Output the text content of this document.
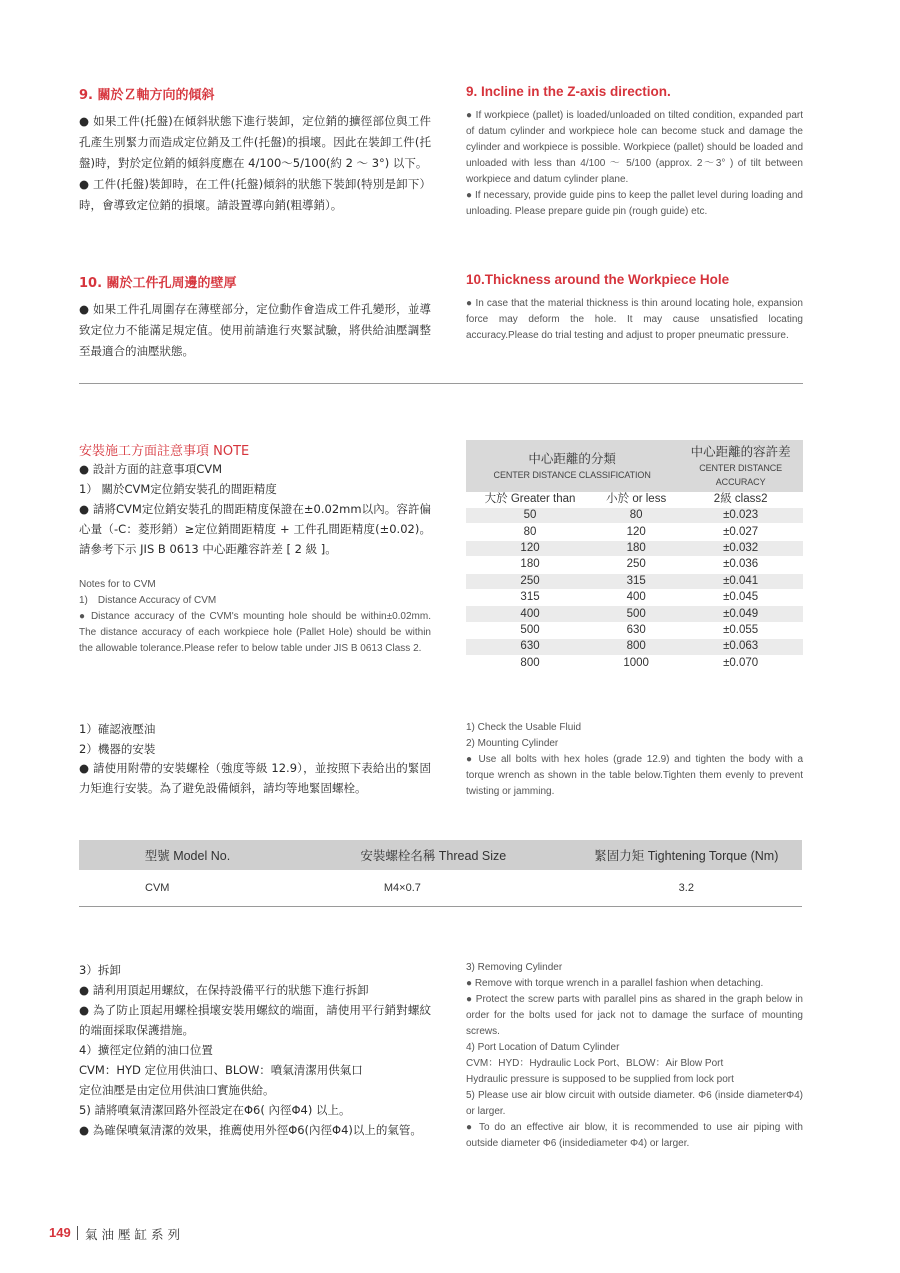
9. 關於Ｚ軸方向的傾斜

● 如果工件(托盤)在傾斜狀態下進行裝卸，定位銷的擴徑部位與工件孔產生別緊力而造成定位銷及工件(托盤)的損壞。因此在裝卸工件(托盤)時，對於定位銷的傾斜度應在 4/100～5/100(約 2 ～ 3°) 以下。

● 工件(托盤)裝卸時，在工件(托盤)傾斜的狀態下裝卸(特別是卸下）時，會導致定位銷的損壞。請設置導向銷(粗導銷）。

9. Incline in the Z-axis direction.

● If workpiece (pallet) is loaded/unloaded on tilted condition, expanded part of datum cylinder and workpiece hole can become stuck and damage the cylinder and workpiece is possible. Workpiece (pallet) should be loaded and unloaded with less than 4/100 ～ 5/100 (approx. 2～3° ) of tilt between workpiece and datum cylinder plane.

● If necessary, provide guide pins to keep the pallet level during loading and unloading. Please prepare guide pin (rough guide) etc.

10. 關於工件孔周邊的壁厚

● 如果工件孔周圍存在薄壁部分，定位動作會造成工件孔變形，並導致定位力不能滿足規定值。使用前請進行夾緊試驗，將供給油壓調整至最適合的油壓狀態。

10.Thickness around the Workpiece Hole

● In case that the material thickness is thin around locating hole, expansion force may deform the hole. It may cause unsatisfied locating accuracy.Please do trial testing and adjust to proper pneumatic pressure.

安裝施工方面註意事項 NOTE

● 設計方面的註意事項CVM

1） 關於CVM定位銷安裝孔的間距精度

● 請將CVM定位銷安裝孔的間距精度保證在±0.02mm以內。容許偏心量（-C：菱形銷）≥定位銷間距精度 + 工件孔間距精度(±0.02)。請參考下示 JIS B 0613 中心距離容許差 [ 2 級 ]。

Notes for to CVM

1)　Distance Accuracy of CVM

● Distance accuracy of the CVM's mounting hole should be within±0.02mm. The distance accuracy of each workpiece hole (Pallet Hole) should be within the allowable tolerance.Please refer to below table under JIS B 0613 Class 2.

中心距離的分類
CENTER DISTANCE CLASSIFICATION		中心距離的容許差
CENTER DISTANCE ACCURACY

大於 Greater than	小於 or less	2級 class2
50	80	±0.023
80	120	±0.027
120	180	±0.032
180	250	±0.036
250	315	±0.041
315	400	±0.045
400	500	±0.049
500	630	±0.055
630	800	±0.063
800	1000	±0.070

1）確認液壓油

2）機器的安裝

● 請使用附帶的安裝螺栓（強度等級 12.9），並按照下表給出的緊固力矩進行安裝。為了避免設備傾斜，請均等地緊固螺栓。

1) Check the Usable Fluid

2) Mounting Cylinder

● Use all bolts with hex holes (grade 12.9) and tighten the body with a torque wrench as shown in the table below.Tighten them evenly to prevent twisting or jamming.

型號 Model No.	安裝螺栓名稱 Thread Size	緊固力矩 Tightening Torque (Nm)
CVM	M4×0.7	3.2

3）拆卸

● 請利用頂起用螺紋，在保持設備平行的狀態下進行拆卸

● 為了防止頂起用螺栓損壞安裝用螺紋的端面，請使用平行銷對螺紋的端面採取保護措施。

4）擴徑定位銷的油口位置

CVM：HYD 定位用供油口、BLOW：噴氣清潔用供氣口

定位油壓是由定位用供油口實施供給。

5) 請將噴氣清潔回路外徑設定在Φ6( 內徑Φ4) 以上。

● 為確保噴氣清潔的效果，推薦使用外徑Φ6(內徑Φ4)以上的氣管。

3) Removing Cylinder

● Remove with torque wrench in a parallel fashion when detaching.

● Protect the screw parts with parallel pins as shared in the graph below in order for the bolts used for jack not to damage the surface of mounting screws.

4) Port Location of Datum Cylinder

CVM：HYD：Hydraulic Lock Port、BLOW：Air Blow Port

Hydraulic pressure is supposed to be supplied from lock port

5) Please use air blow circuit with outside diameter. Φ6 (inside diameterΦ4) or larger.

● To do an effective air blow, it is recommended to use air piping with outside diameter Φ6 (insidediameter Φ4) or larger.

149 氣油壓缸系列
